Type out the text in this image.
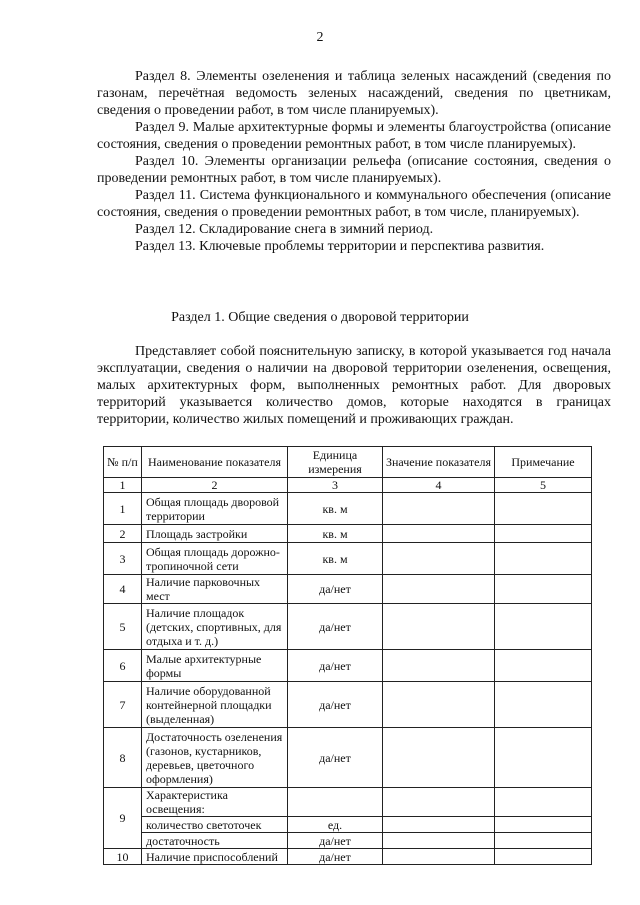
2

Раздел 8. Элементы озеленения и таблица зеленых насаждений (сведения по газонам, перечётная ведомость зеленых насаждений, сведения по цветникам, сведения о проведении работ, в том числе планируемых).

Раздел 9. Малые архитектурные формы и элементы благоустройства (описание состояния, сведения о проведении ремонтных работ, в том числе планируемых).

Раздел 10. Элементы организации рельефа (описание состояния, сведения о проведении ремонтных работ, в том числе планируемых).

Раздел 11. Система функционального и коммунального обеспечения (описание состояния, сведения о проведении ремонтных работ, в том числе, планируемых).

Раздел 12. Складирование снега в зимний период.

Раздел 13. Ключевые проблемы территории и перспектива развития.

Раздел 1. Общие сведения о дворовой территории

Представляет собой пояснительную записку, в которой указывается год начала эксплуатации, сведения о наличии на дворовой территории озеленения, освещения, малых архитектурных форм, выполненных ремонтных работ. Для дворовых территорий указывается количество домов, которые находятся в границах территории, количество жилых помещений и проживающих граждан.

№ п/п	Наименование показателя	Единица измерения	Значение показателя	Примечание
1	2	3	4	5
1	Общая площадь дворовой территории	кв. м		
2	Площадь застройки	кв. м		
3	Общая площадь дорожно-тропиночной сети	кв. м		
4	Наличие парковочных мест	да/нет		
5	Наличие площадок (детских, спортивных, для отдыха и т. д.)	да/нет		
6	Малые архитектурные формы	да/нет		
7	Наличие оборудованной контейнерной площадки (выделенная)	да/нет		
8	Достаточность озеленения (газонов, кустарников, деревьев, цветочного оформления)	да/нет		
9	Характеристика освещения:			
	количество светоточек	ед.		
	достаточность	да/нет		
10	Наличие приспособлений	да/нет		
